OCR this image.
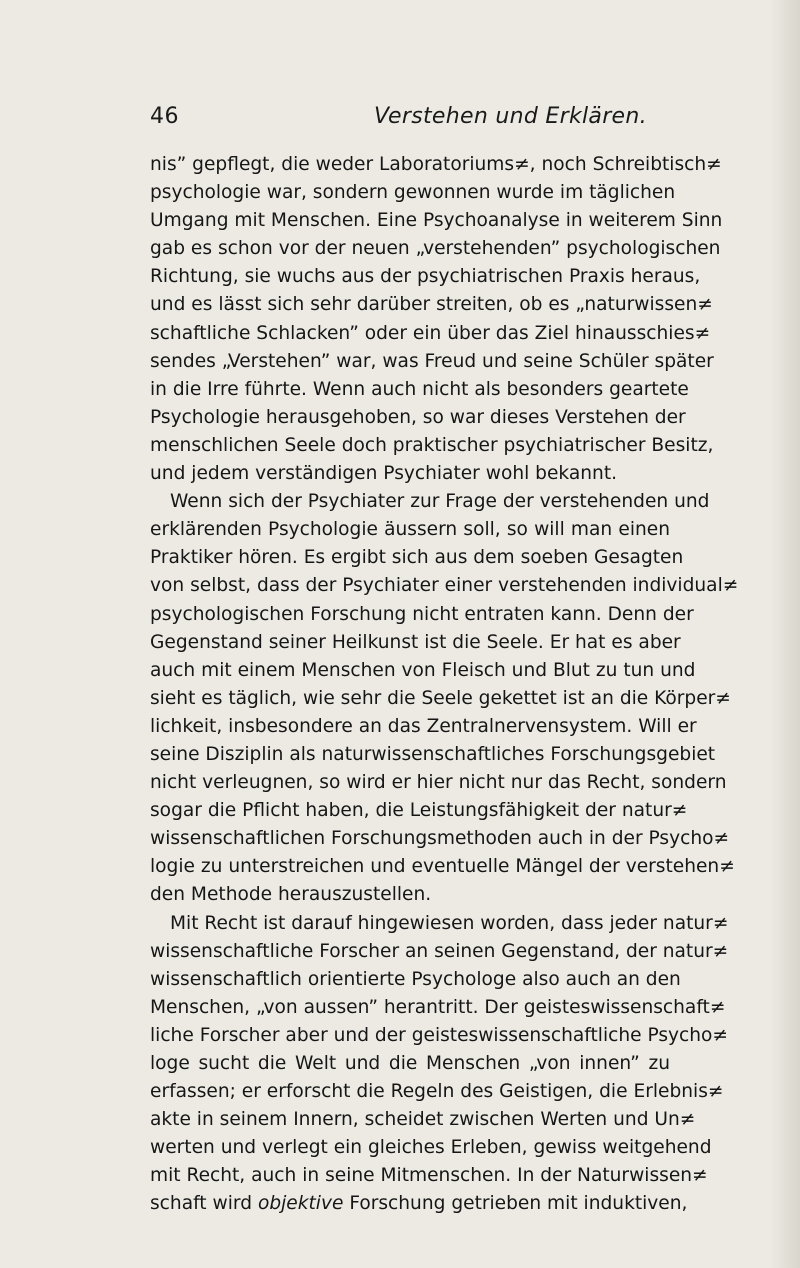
46	Verstehen und Erklären.
nis” gepflegt, die weder Laboratoriums≠, noch Schreibtisch≠
psychologie war, sondern gewonnen wurde im täglichen
Umgang mit Menschen. Eine Psychoanalyse in weiterem Sinn
gab es schon vor der neuen „verstehenden” psychologischen
Richtung, sie wuchs aus der psychiatrischen Praxis heraus,
und es lässt sich sehr darüber streiten, ob es „naturwissen≠
schaftliche Schlacken” oder ein über das Ziel hinausschies≠
sendes „Verstehen” war, was Freud und seine Schüler später
in die Irre führte. Wenn auch nicht als besonders geartete
Psychologie herausgehoben, so war dieses Verstehen der
menschlichen Seele doch praktischer psychiatrischer Besitz,
und jedem verständigen Psychiater wohl bekannt.
Wenn sich der Psychiater zur Frage der verstehenden und
erklärenden Psychologie äussern soll, so will man einen
Praktiker hören. Es ergibt sich aus dem soeben Gesagten
von selbst, dass der Psychiater einer verstehenden individual≠
psychologischen Forschung nicht entraten kann. Denn der
Gegenstand seiner Heilkunst ist die Seele. Er hat es aber
auch mit einem Menschen von Fleisch und Blut zu tun und
sieht es täglich, wie sehr die Seele gekettet ist an die Körper≠
lichkeit, insbesondere an das Zentralnervensystem. Will er
seine Disziplin als naturwissenschaftliches Forschungsgebiet
nicht verleugnen, so wird er hier nicht nur das Recht, sondern
sogar die Pflicht haben, die Leistungsfähigkeit der natur≠
wissenschaftlichen Forschungsmethoden auch in der Psycho≠
logie zu unterstreichen und eventuelle Mängel der verstehen≠
den Methode herauszustellen.
Mit Recht ist darauf hingewiesen worden, dass jeder natur≠
wissenschaftliche Forscher an seinen Gegenstand, der natur≠
wissenschaftlich orientierte Psychologe also auch an den
Menschen, „von aussen” herantritt. Der geisteswissenschaft≠
liche Forscher aber und der geisteswissenschaftliche Psycho≠
loge sucht die Welt und die Menschen „von innen” zu
erfassen; er erforscht die Regeln des Geistigen, die Erlebnis≠
akte in seinem Innern, scheidet zwischen Werten und Un≠
werten und verlegt ein gleiches Erleben, gewiss weitgehend
mit Recht, auch in seine Mitmenschen. In der Naturwissen≠
schaft wird objektive Forschung getrieben mit induktiven,
